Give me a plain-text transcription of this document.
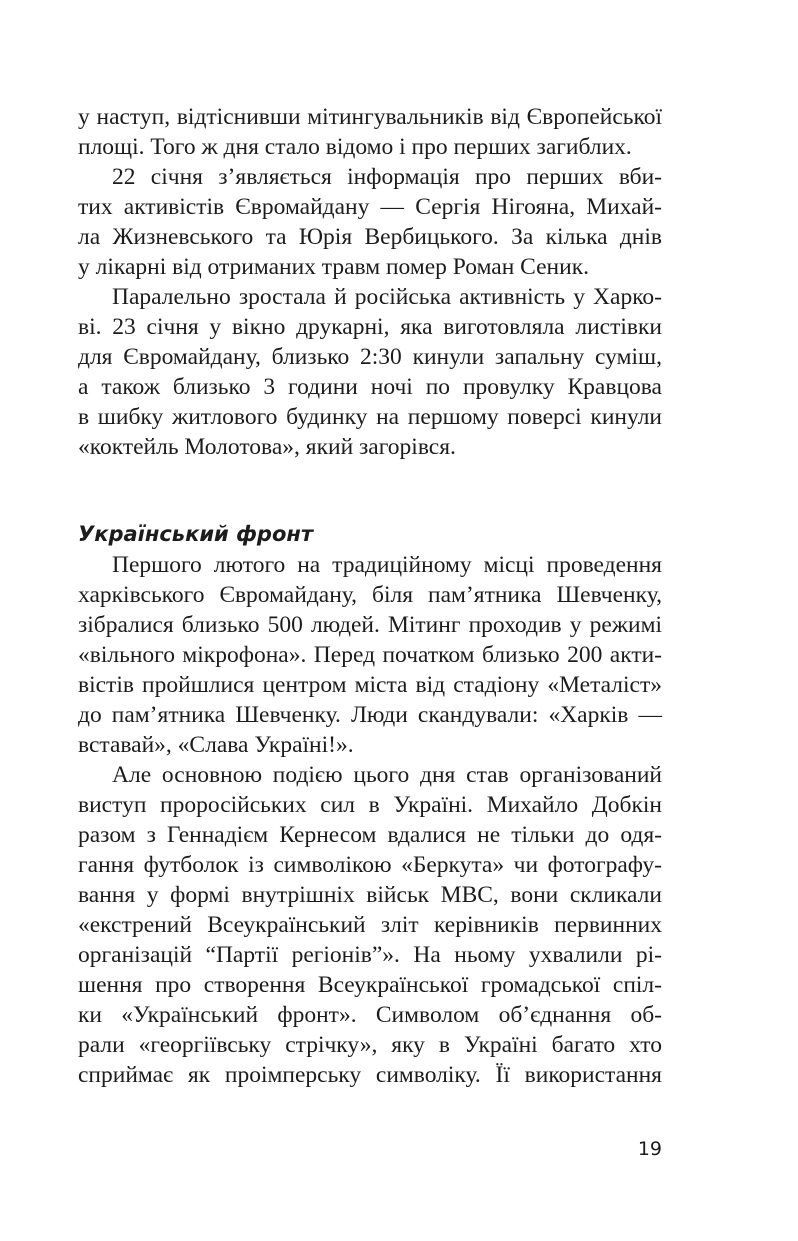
у наступ, відтіснивши мітингувальників від Європейської
площі. Того ж дня стало відомо і про перших загиблих.
22 січня з’являється інформація про перших вби-
тих активістів Євромайдану — Сергія Нігояна, Михай-
ла Жизневського та Юрія Вербицького. За кілька днів
у лікарні від отриманих травм помер Роман Сеник.
Паралельно зростала й російська активність у Харко-
ві. 23 січня у вікно друкарні, яка виготовляла листівки
для Євромайдану, близько 2:30 кинули запальну суміш,
а також близько 3 години ночі по провулку Кравцова
в шибку житлового будинку на першому поверсі кинули
«коктейль Молотова», який загорівся.
Український фронт
Першого лютого на традиційному місці проведення
харківського Євромайдану, біля пам’ятника Шевченку,
зібралися близько 500 людей. Мітинг проходив у режимі
«вільного мікрофона». Перед початком близько 200 акти-
вістів пройшлися центром міста від стадіону «Металіст»
до пам’ятника Шевченку. Люди скандували: «Харків —
вставай», «Слава Україні!».
Але основною подією цього дня став організований
виступ проросійських сил в Україні. Михайло Добкін
разом з Геннадієм Кернесом вдалися не тільки до одя-
гання футболок із символікою «Беркута» чи фотографу-
вання у формі внутрішніх військ МВС, вони скликали
«екстрений Всеукраїнський зліт керівників первинних
організацій “Партії регіонів”». На ньому ухвалили рі-
шення про створення Всеукраїнської громадської спіл-
ки «Український фронт». Символом об’єднання об-
рали «георгіївську стрічку», яку в Україні багато хто
сприймає як проімперську символіку. Її використання
19
